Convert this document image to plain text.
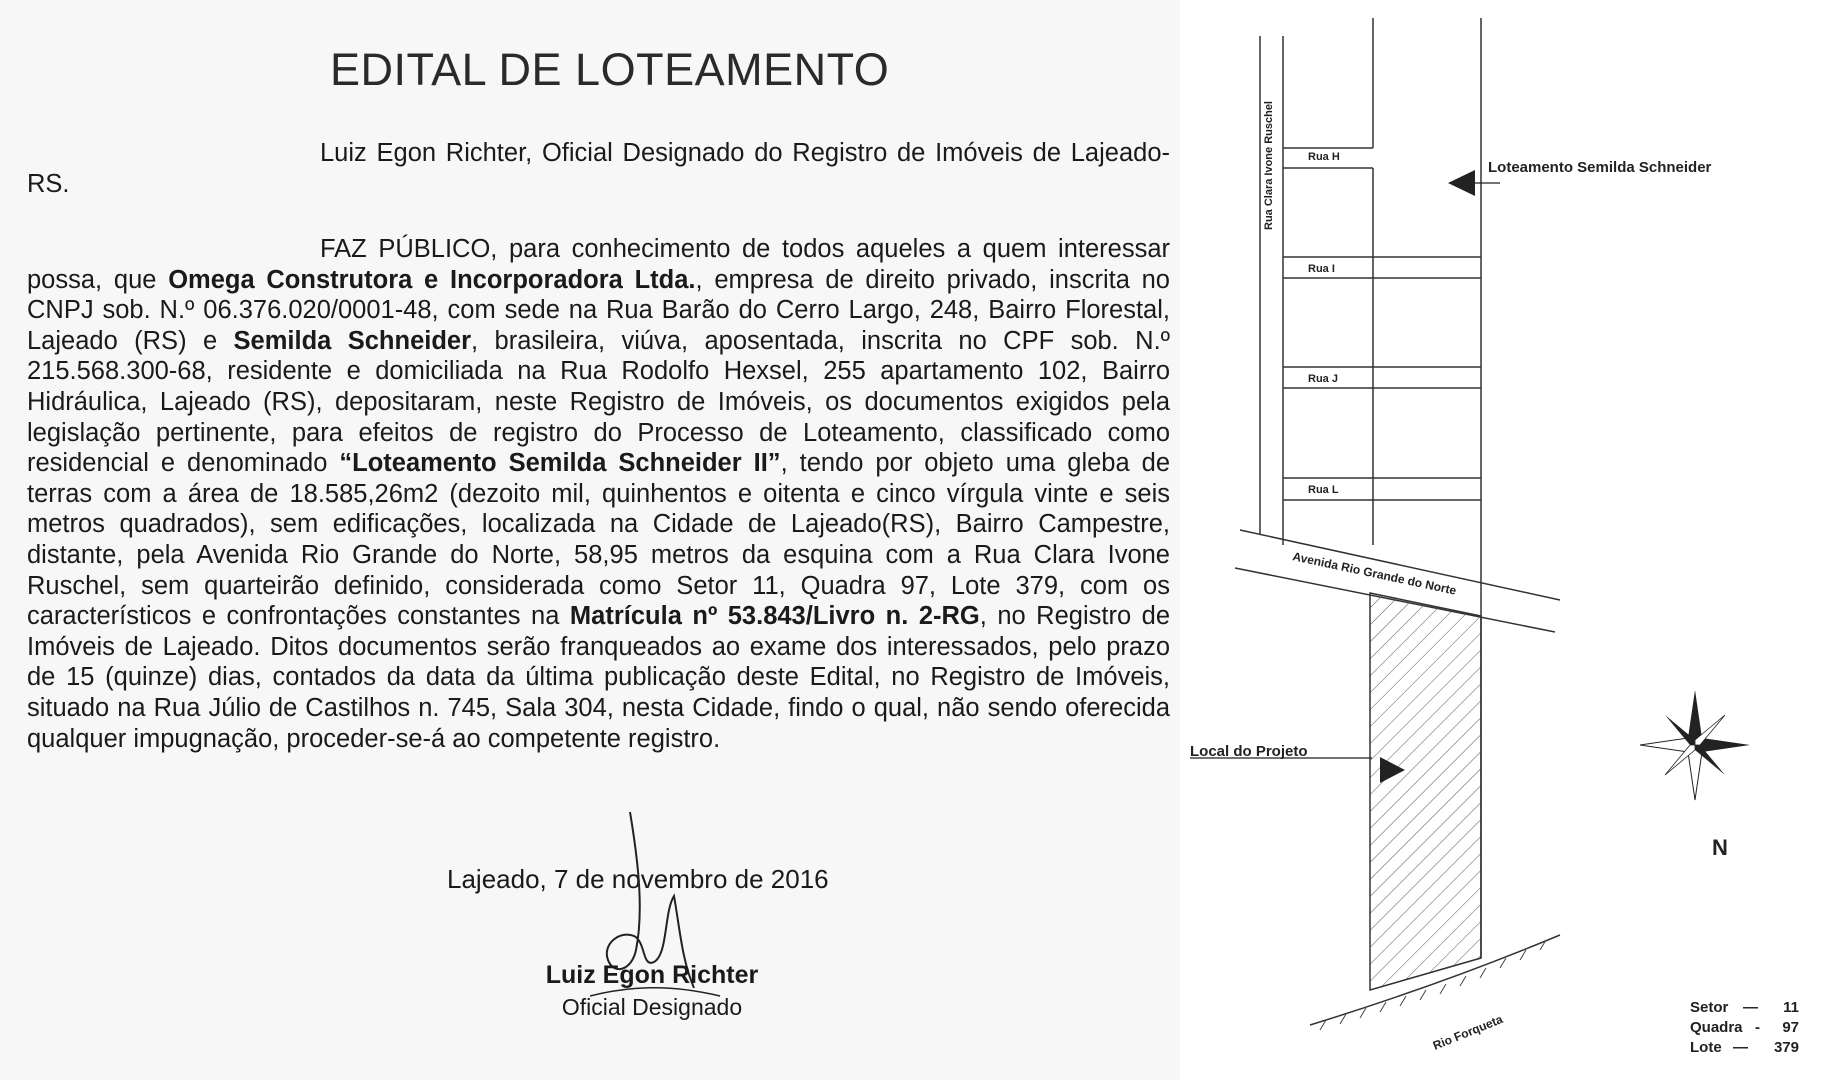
EDITAL DE LOTEAMENTO

Luiz Egon Richter, Oficial Designado do Registro de Imóveis de Lajeado-RS.

FAZ PÚBLICO, para conhecimento de todos aqueles a quem interessar possa, que Omega Construtora e Incorporadora Ltda., empresa de direito privado, inscrita no CNPJ sob. N.º 06.376.020/0001-48, com sede na Rua Barão do Cerro Largo, 248, Bairro Florestal, Lajeado (RS) e Semilda Schneider, brasileira, viúva, aposentada, inscrita no CPF sob. N.º 215.568.300-68, residente e domiciliada na Rua Rodolfo Hexsel, 255 apartamento 102, Bairro Hidráulica, Lajeado (RS), depositaram, neste Registro de Imóveis, os documentos exigidos pela legislação pertinente, para efeitos de registro do Processo de Loteamento, classificado como residencial e denominado “Loteamento Semilda Schneider II”, tendo por objeto uma gleba de terras com a área de 18.585,26m2 (dezoito mil, quinhentos e oitenta e cinco vírgula vinte e seis metros quadrados), sem edificações, localizada na Cidade de Lajeado(RS), Bairro Campestre, distante, pela Avenida Rio Grande do Norte, 58,95 metros da esquina com a Rua Clara Ivone Ruschel, sem quarteirão definido, considerada como Setor 11, Quadra 97, Lote 379, com os característicos e confrontações constantes na Matrícula nº 53.843/Livro n. 2-RG, no Registro de Imóveis de Lajeado. Ditos documentos serão franqueados ao exame dos interessados, pelo prazo de 15 (quinze) dias, contados da data da última publicação deste Edital, no Registro de Imóveis, situado na Rua Júlio de Castilhos n. 745, Sala 304, nesta Cidade, findo o qual, não sendo oferecida qualquer impugnação, proceder-se-á ao competente registro.

Lajeado, 7 de novembro de 2016

Luiz Egon Richter

Oficial Designado

Rua Clara Ivone Ruschel	Rua H
Rua I
Rua J
Rua L
Avenida Rio Grande do Norte
Rio Forqueta
Loteamento Semilda Schneider
Local do Projeto
N
Setor — 11
Quadra - 97
Lote — 379
